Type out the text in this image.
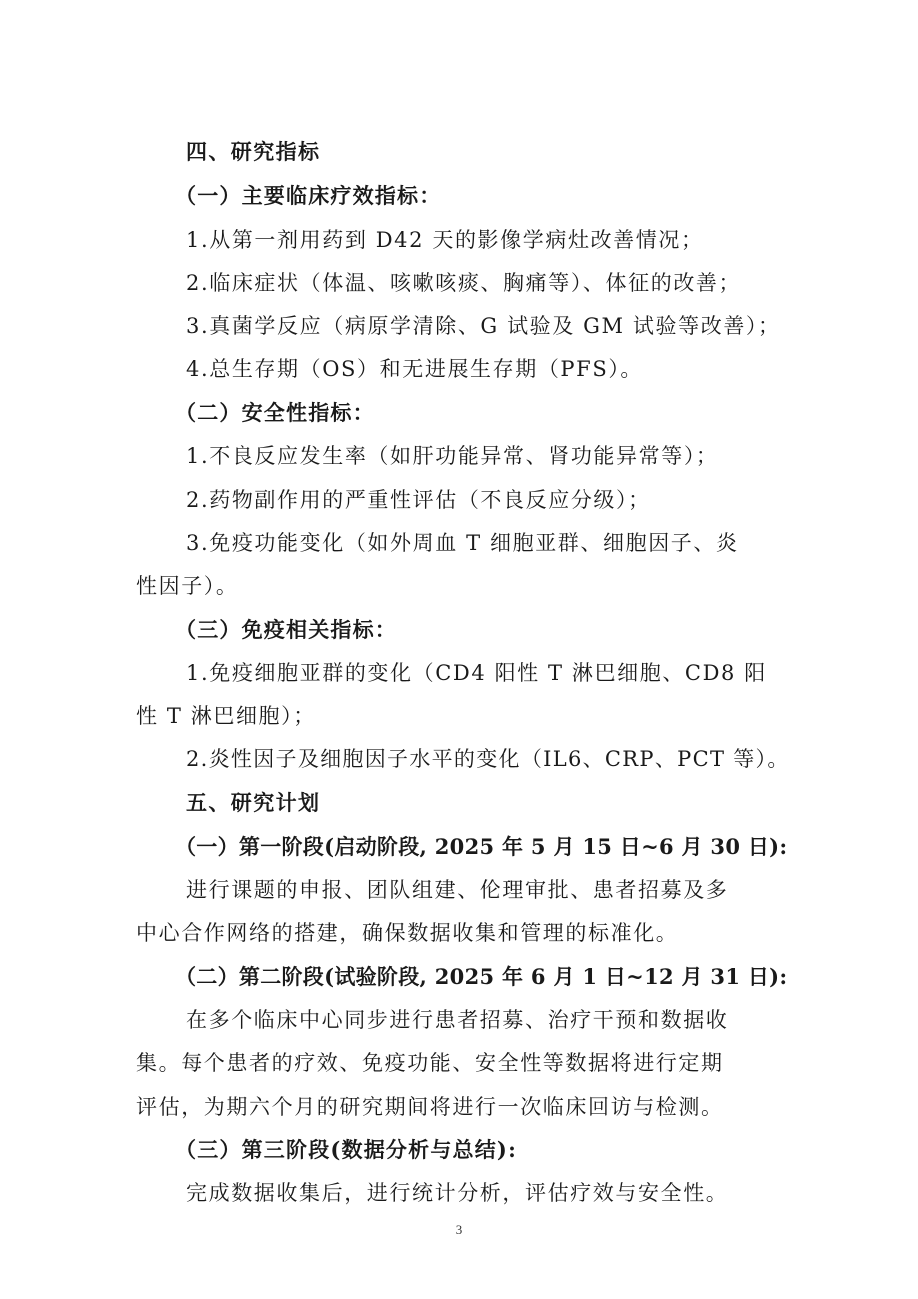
四、研究指标
（一）主要临床疗效指标：
1.从第一剂用药到 D42 天的影像学病灶改善情况；
2.临床症状（体温、咳嗽咳痰、胸痛等）、体征的改善；
3.真菌学反应（病原学清除、G 试验及 GM 试验等改善）；
4.总生存期（OS）和无进展生存期（PFS）。
（二）安全性指标：
1.不良反应发生率（如肝功能异常、肾功能异常等）；
2.药物副作用的严重性评估（不良反应分级）；
3.免疫功能变化（如外周血 T 细胞亚群、细胞因子、炎
性因子）。
（三）免疫相关指标：
1.免疫细胞亚群的变化（CD4 阳性 T 淋巴细胞、CD8 阳
性 T 淋巴细胞）；
2.炎性因子及细胞因子水平的变化（IL6、CRP、PCT 等）。
五、研究计划
（一）第一阶段(启动阶段, 2025 年 5 月 15 日~6 月 30 日):
进行课题的申报、团队组建、伦理审批、患者招募及多
中心合作网络的搭建，确保数据收集和管理的标准化。
（二）第二阶段(试验阶段, 2025 年 6 月 1 日~12 月 31 日):
在多个临床中心同步进行患者招募、治疗干预和数据收
集。每个患者的疗效、免疫功能、安全性等数据将进行定期
评估，为期六个月的研究期间将进行一次临床回访与检测。
（三）第三阶段(数据分析与总结):
完成数据收集后，进行统计分析，评估疗效与安全性。
3
